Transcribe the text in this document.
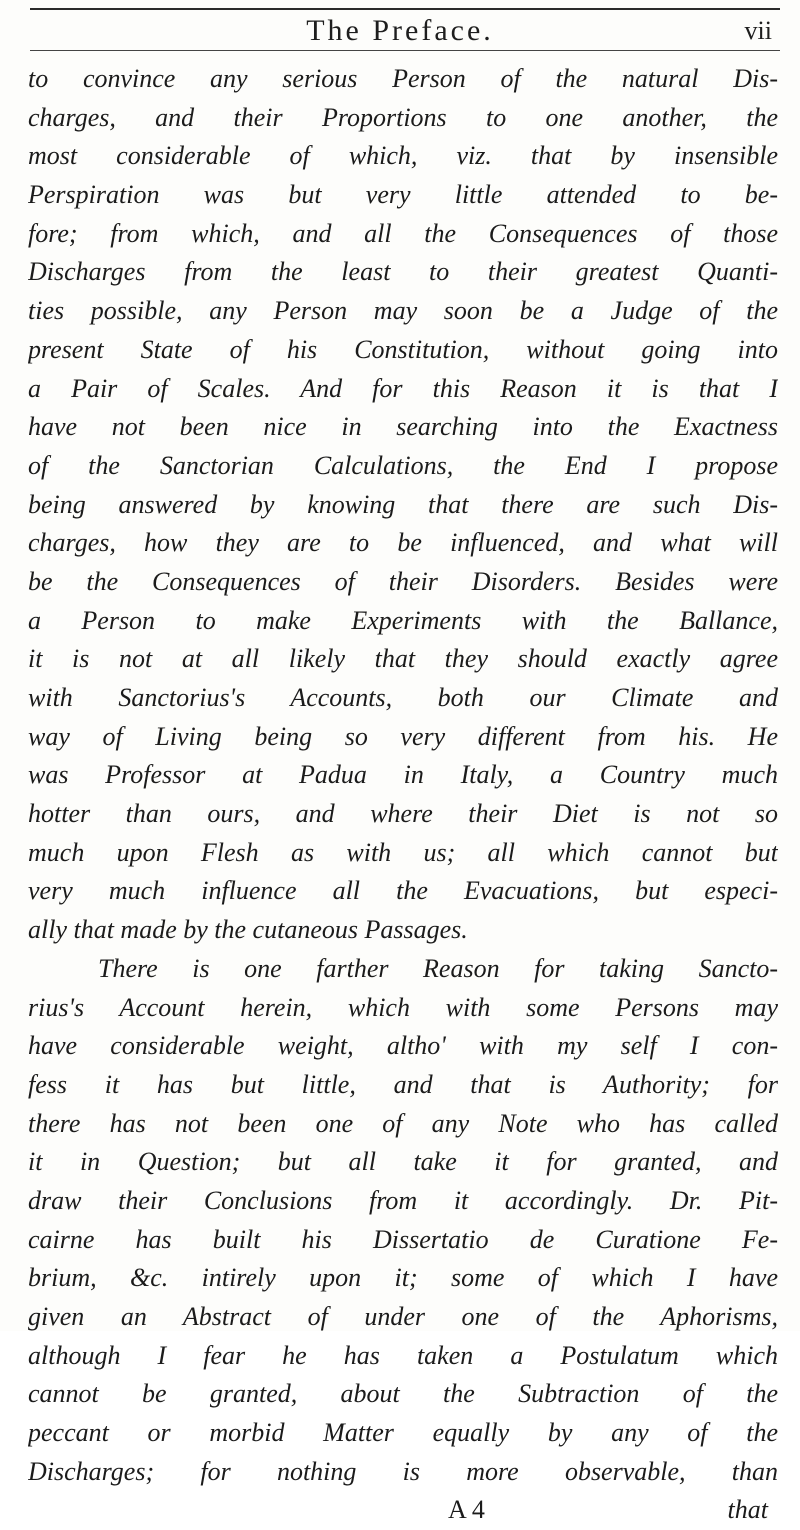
The Preface.	vii
to convince any serious Person of the natural Dis-
charges, and their Proportions to one another, the
most considerable of which, viz. that by insensible
Perspiration was but very little attended to be-
fore; from which, and all the Consequences of those
Discharges from the least to their greatest Quanti-
ties possible, any Person may soon be a Judge of the
present State of his Constitution, without going into
a Pair of Scales. And for this Reason it is that I
have not been nice in searching into the Exactness
of the Sanctorian Calculations, the End I propose
being answered by knowing that there are such Dis-
charges, how they are to be influenced, and what will
be the Consequences of their Disorders. Besides were
a Person to make Experiments with the Ballance,
it is not at all likely that they should exactly agree
with Sanctorius's Accounts, both our Climate and
way of Living being so very different from his. He
was Professor at Padua in Italy, a Country much
hotter than ours, and where their Diet is not so
much upon Flesh as with us; all which cannot but
very much influence all the Evacuations, but especi-
ally that made by the cutaneous Passages.
There is one farther Reason for taking Sancto-
rius's Account herein, which with some Persons may
have considerable weight, altho' with my self I con-
fess it has but little, and that is Authority; for
there has not been one of any Note who has called
it in Question; but all take it for granted, and
draw their Conclusions from it accordingly. Dr. Pit-
cairne has built his Dissertatio de Curatione Fe-
brium, &c. intirely upon it; some of which I have
given an Abstract of under one of the Aphorisms,
although I fear he has taken a Postulatum which
cannot be granted, about the Subtraction of the
peccant or morbid Matter equally by any of the
Discharges; for nothing is more observable, than
A 4	that
